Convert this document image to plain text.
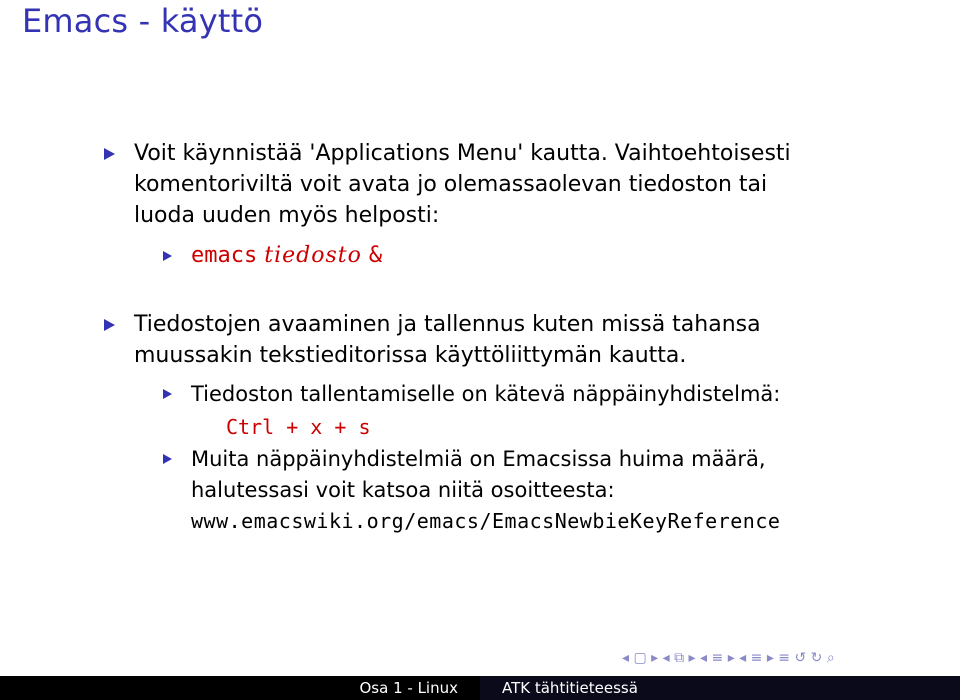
Emacs - käyttö
Voit käynnistää 'Applications Menu' kautta. Vaihtoehtoisesti
komentoriviltä voit avata jo olemassaolevan tiedoston tai
luoda uuden myös helposti:
emacs tiedosto &
Tiedostojen avaaminen ja tallennus kuten missä tahansa
muussakin tekstieditorissa käyttöliittymän kautta.
Tiedoston tallentamiselle on kätevä näppäinyhdistelmä:
Ctrl + x + s
Muita näppäinyhdistelmiä on Emacsissa huima määrä,
halutessasi voit katsoa niitä osoitteesta:
www.emacswiki.org/emacs/EmacsNewbieKeyReference
◂ ▢ ▸ ◂ ⧉ ▸ ◂ ≡ ▸ ◂ ≡ ▸ ≡ ↺ ↻ ⌕
Osa 1 - Linux	ATK tähtitieteessä
